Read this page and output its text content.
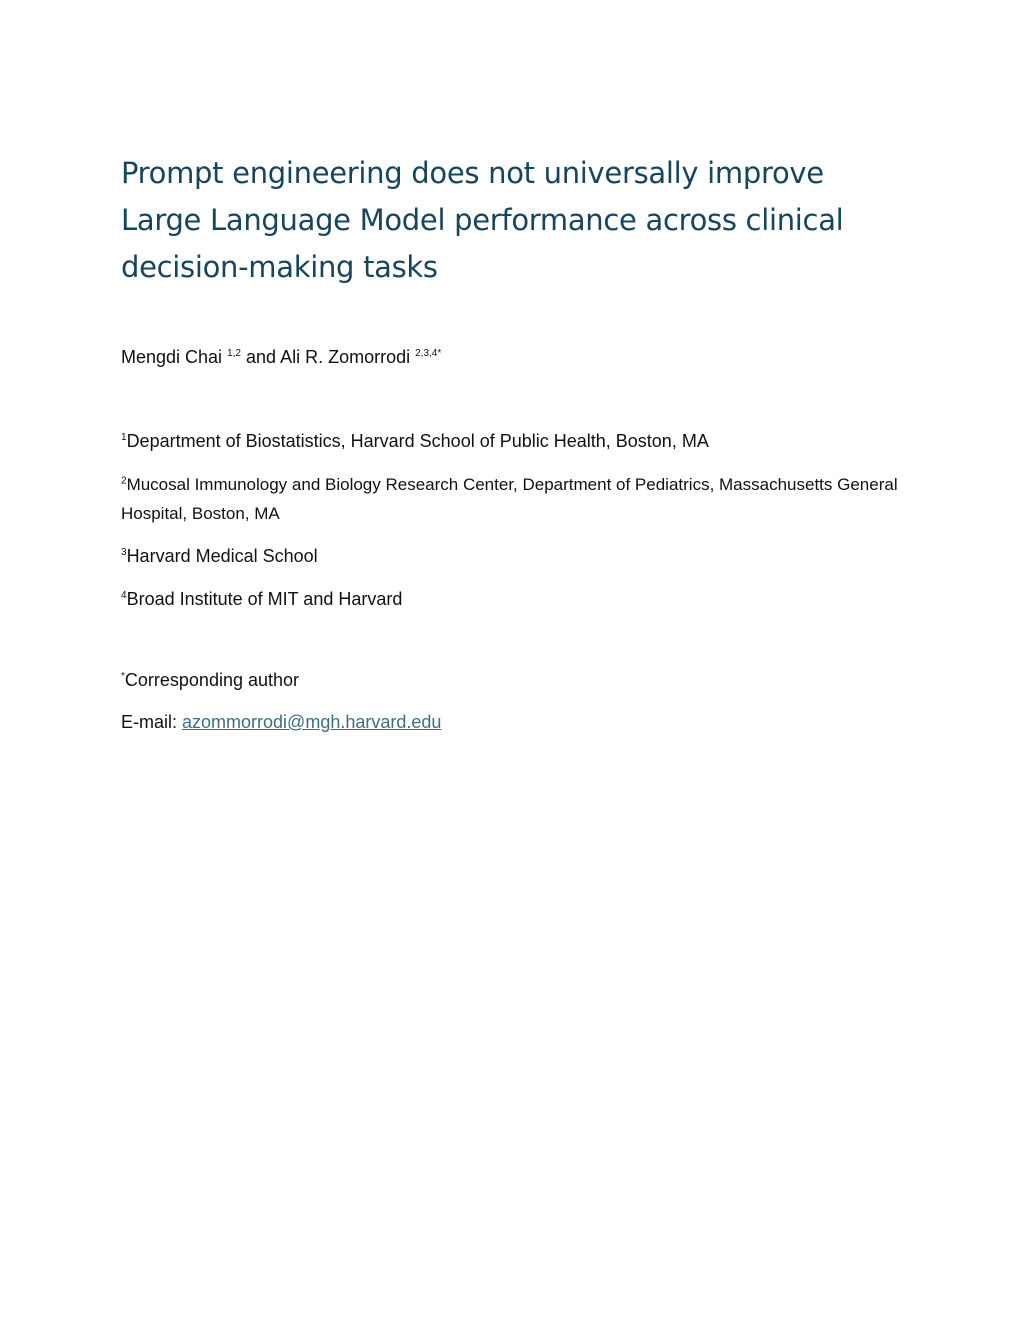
Prompt engineering does not universally improve Large Language Model performance across clinical decision-making tasks
Mengdi Chai $^{1,2}$ and Ali R. Zomorrodi $^{2,3,4*}$

$^1$Department of Biostatistics, Harvard School of Public Health, Boston, MA

$^2$Mucosal Immunology and Biology Research Center, Department of Pediatrics, Massachusetts General Hospital, Boston, MA

$^3$Harvard Medical School

$^4$Broad Institute of MIT and Harvard

*Corresponding author

E-mail: azommorrodi@mgh.harvard.edu
